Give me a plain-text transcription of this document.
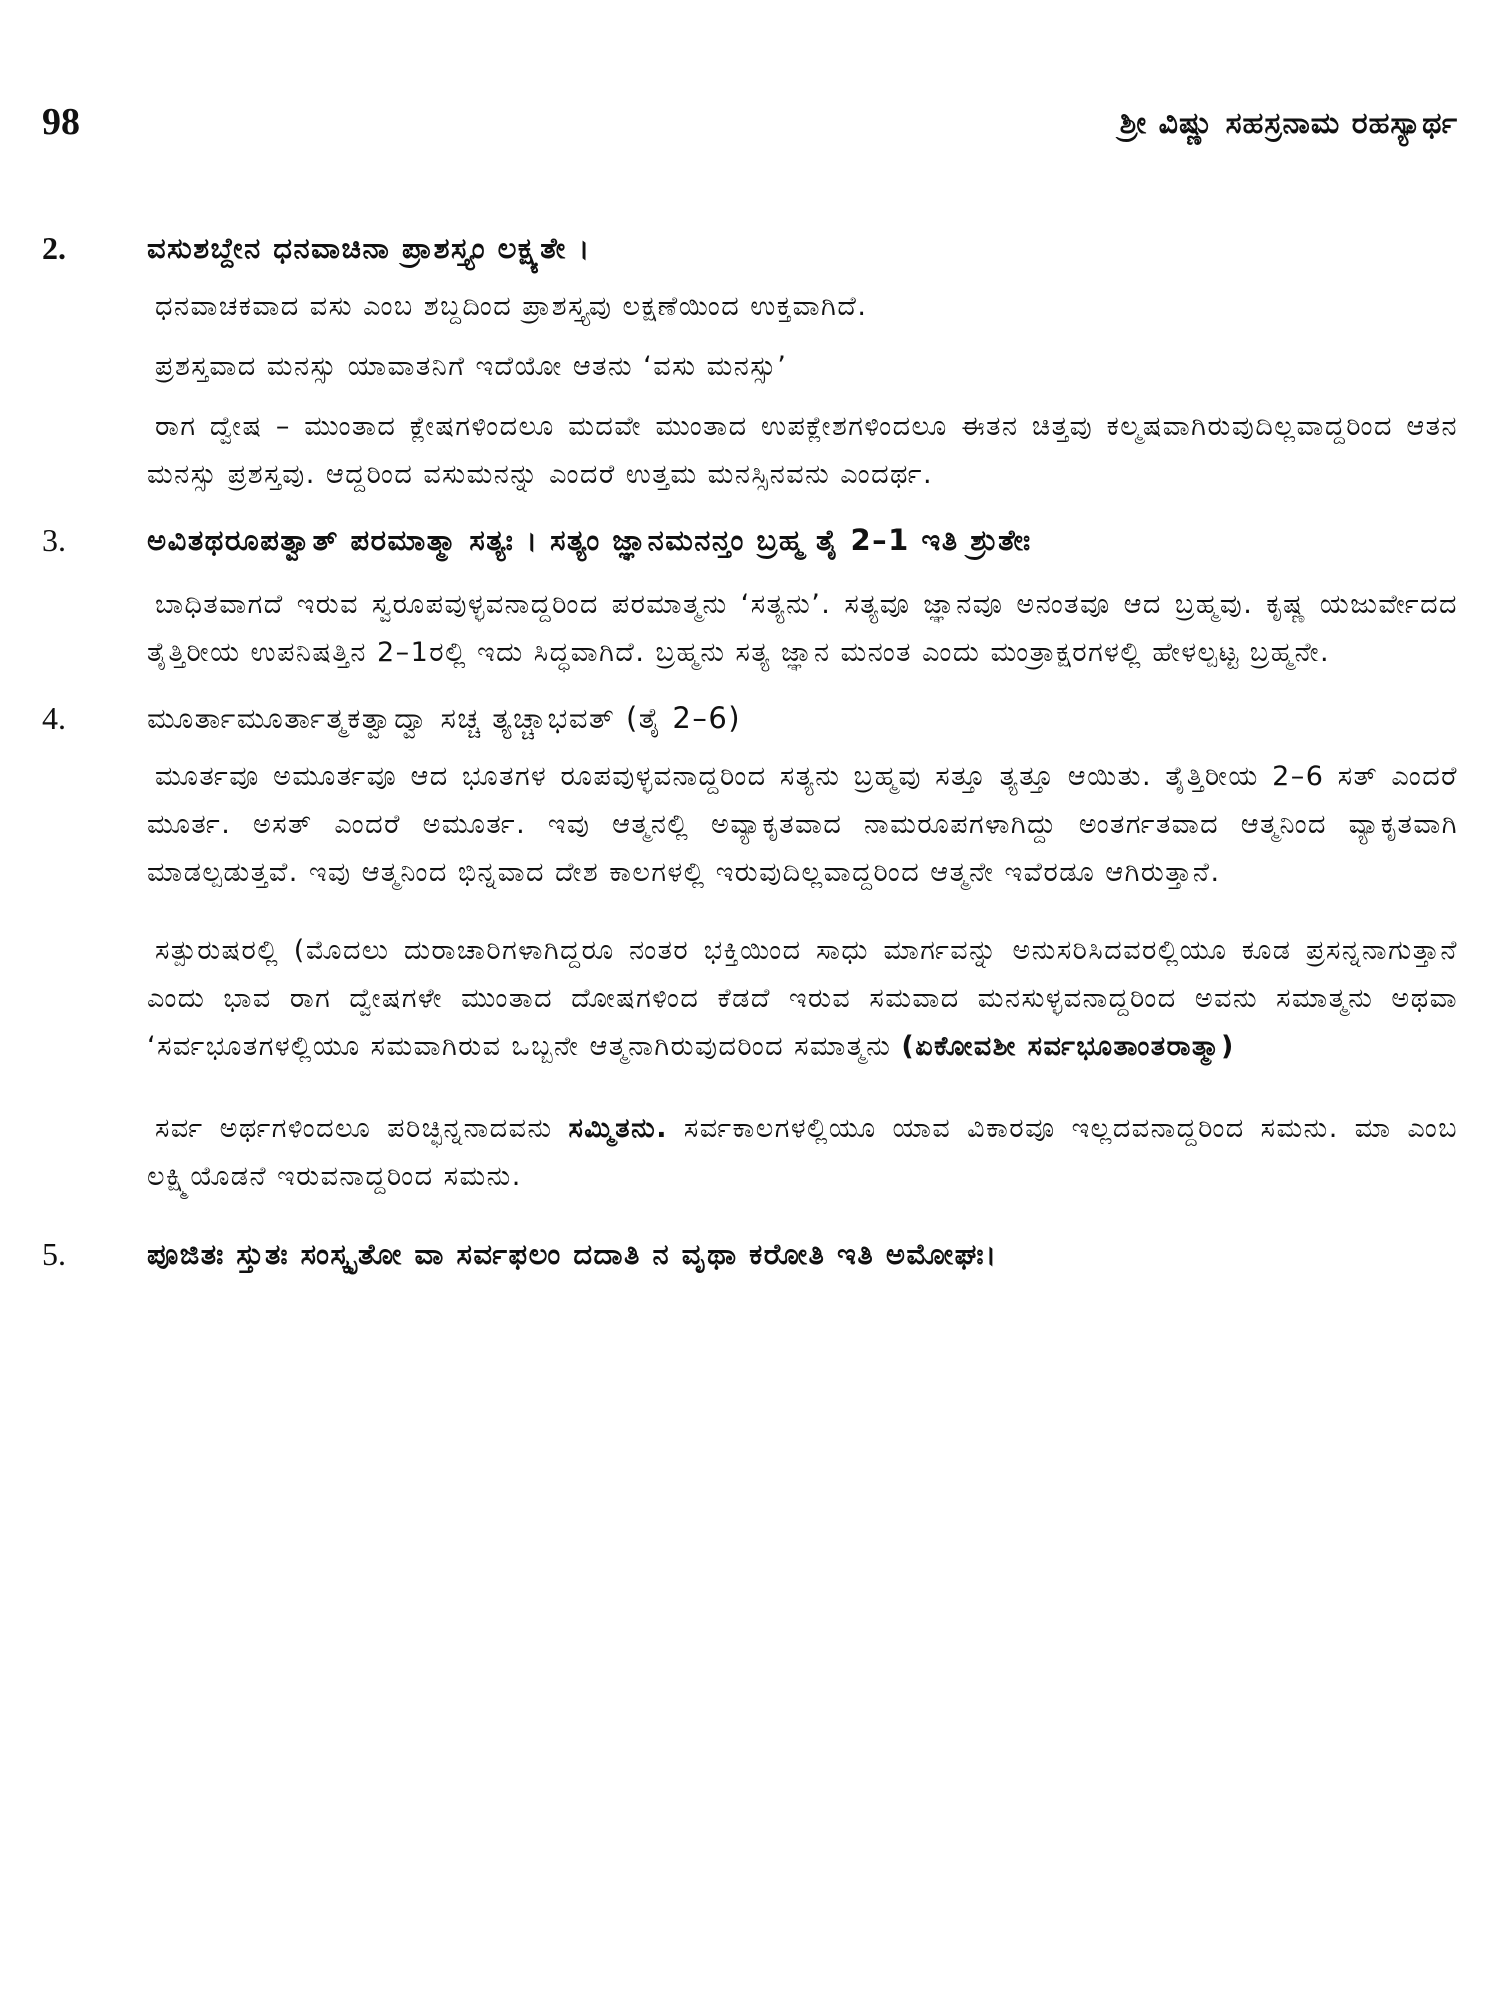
98	ಶ್ರೀ ವಿಷ್ಣು ಸಹಸ್ರನಾಮ ರಹಸ್ಯಾರ್ಥ
2.	ವಸುಶಬ್ದೇನ ಧನವಾಚಿನಾ ಪ್ರಾಶಸ್ತ್ಯಂ ಲಕ್ಷ್ಯತೇ ।
ಧನವಾಚಕವಾದ ವಸು ಎಂಬ ಶಬ್ದದಿಂದ ಪ್ರಾಶಸ್ತ್ಯವು ಲಕ್ಷಣೆಯಿಂದ ಉಕ್ತವಾಗಿದೆ.
ಪ್ರಶಸ್ತವಾದ ಮನಸ್ಸು ಯಾವಾತನಿಗೆ ಇದೆಯೋ ಆತನು ‘ವಸು ಮನಸ್ಸು’
ರಾಗ ದ್ವೇಷ – ಮುಂತಾದ ಕ್ಲೇಷಗಳಿಂದಲೂ ಮದವೇ ಮುಂತಾದ ಉಪಕ್ಲೇಶಗಳಿಂದಲೂ ಈತನ ಚಿತ್ತವು ಕಲ್ಮಷವಾಗಿರುವುದಿಲ್ಲವಾದ್ದರಿಂದ ಆತನ ಮನಸ್ಸು ಪ್ರಶಸ್ತವು. ಆದ್ದರಿಂದ ವಸುಮನನ್ನು ಎಂದರೆ ಉತ್ತಮ ಮನಸ್ಸಿನವನು ಎಂದರ್ಥ.
3.	ಅವಿತಥರೂಪತ್ವಾತ್ ಪರಮಾತ್ಮಾ ಸತ್ಯಃ । ಸತ್ಯಂ ಜ್ಞಾನಮನನ್ತಂ ಬ್ರಹ್ಮ ತೈ 2–1 ಇತಿ ಶ್ರುತೇಃ
ಬಾಧಿತವಾಗದೆ ಇರುವ ಸ್ವರೂಪವುಳ್ಳವನಾದ್ದರಿಂದ ಪರಮಾತ್ಮನು ‘ಸತ್ಯನು’. ಸತ್ಯವೂ ಜ್ಞಾನವೂ ಅನಂತವೂ ಆದ ಬ್ರಹ್ಮವು. ಕೃಷ್ಣ ಯಜುರ್ವೇದದ ತೈತ್ತಿರೀಯ ಉಪನಿಷತ್ತಿನ 2–1ರಲ್ಲಿ ಇದು ಸಿದ್ಧವಾಗಿದೆ. ಬ್ರಹ್ಮನು ಸತ್ಯ ಜ್ಞಾನ ಮನಂತ ಎಂದು ಮಂತ್ರಾಕ್ಷರಗಳಲ್ಲಿ ಹೇಳಲ್ಪಟ್ಟ ಬ್ರಹ್ಮನೇ.
4.	ಮೂರ್ತಾಮೂರ್ತಾತ್ಮಕತ್ವಾದ್ವಾ ಸಚ್ಚ ತ್ಯಚ್ಚಾಭವತ್ (ತೈ 2–6)
ಮೂರ್ತವೂ ಅಮೂರ್ತವೂ ಆದ ಭೂತಗಳ ರೂಪವುಳ್ಳವನಾದ್ದರಿಂದ ಸತ್ಯನು ಬ್ರಹ್ಮವು ಸತ್ತೂ ತ್ಯತ್ತೂ ಆಯಿತು. ತೈತ್ತಿರೀಯ 2–6 ಸತ್ ಎಂದರೆ ಮೂರ್ತ. ಅಸತ್ ಎಂದರೆ ಅಮೂರ್ತ. ಇವು ಆತ್ಮನಲ್ಲಿ ಅವ್ಯಾಕೃತವಾದ ನಾಮರೂಪಗಳಾಗಿದ್ದು ಅಂತರ್ಗತವಾದ ಆತ್ಮನಿಂದ ವ್ಯಾಕೃತವಾಗಿ ಮಾಡಲ್ಪಡುತ್ತವೆ. ಇವು ಆತ್ಮನಿಂದ ಭಿನ್ನವಾದ ದೇಶ ಕಾಲಗಳಲ್ಲಿ ಇರುವುದಿಲ್ಲವಾದ್ದರಿಂದ ಆತ್ಮನೇ ಇವೆರಡೂ ಆಗಿರುತ್ತಾನೆ.
ಸತ್ಪುರುಷರಲ್ಲಿ (ಮೊದಲು ದುರಾಚಾರಿಗಳಾಗಿದ್ದರೂ ನಂತರ ಭಕ್ತಿಯಿಂದ ಸಾಧು ಮಾರ್ಗವನ್ನು ಅನುಸರಿಸಿದವರಲ್ಲಿಯೂ ಕೂಡ ಪ್ರಸನ್ನನಾಗುತ್ತಾನೆ ಎಂದು ಭಾವ ರಾಗ ದ್ವೇಷಗಳೇ ಮುಂತಾದ ದೋಷಗಳಿಂದ ಕೆಡದೆ ಇರುವ ಸಮವಾದ ಮನಸುಳ್ಳವನಾದ್ದರಿಂದ ಅವನು ಸಮಾತ್ಮನು ಅಥವಾ ‘ಸರ್ವಭೂತಗಳಲ್ಲಿಯೂ ಸಮವಾಗಿರುವ ಒಬ್ಬನೇ ಆತ್ಮನಾಗಿರುವುದರಿಂದ ಸಮಾತ್ಮನು (ಏಕೋವಶೀ ಸರ್ವಭೂತಾಂತರಾತ್ಮಾ)
ಸರ್ವ ಅರ್ಥಗಳಿಂದಲೂ ಪರಿಚ್ಛಿನ್ನನಾದವನು ಸಮ್ಮಿತನು. ಸರ್ವಕಾಲಗಳಲ್ಲಿಯೂ ಯಾವ ವಿಕಾರವೂ ಇಲ್ಲದವನಾದ್ದರಿಂದ ಸಮನು. ಮಾ ಎಂಬ ಲಕ್ಷ್ಮಿಯೊಡನೆ ಇರುವನಾದ್ದರಿಂದ ಸಮನು.
5.	ಪೂಜಿತಃ ಸ್ತುತಃ ಸಂಸ್ಕೃತೋ ವಾ ಸರ್ವಫಲಂ ದದಾತಿ ನ ವೃಥಾ ಕರೋತಿ ಇತಿ ಅಮೋಘಃ।
